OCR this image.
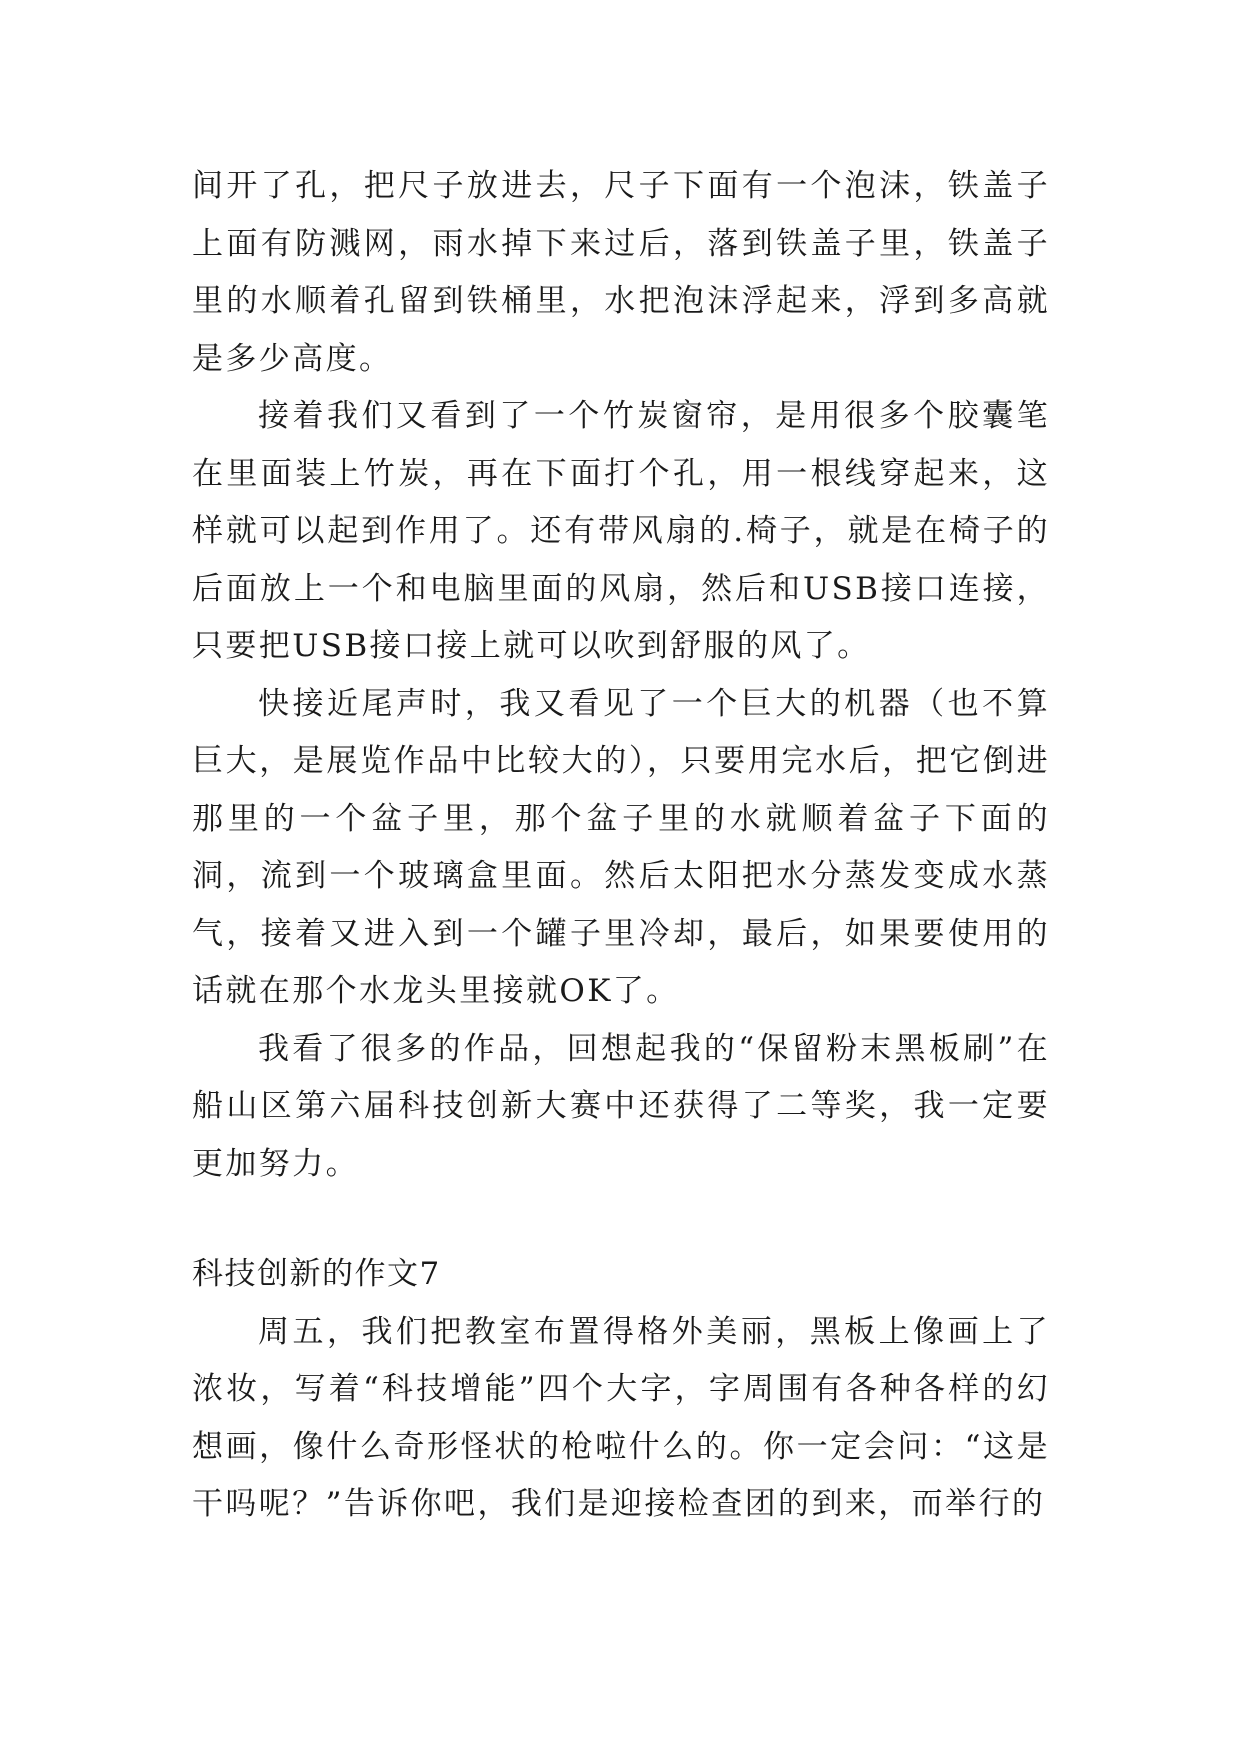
间开了孔，把尺子放进去，尺子下面有一个泡沫，铁盖子上面有防溅网，雨水掉下来过后，落到铁盖子里，铁盖子里的水顺着孔留到铁桶里，水把泡沫浮起来，浮到多高就是多少高度。

接着我们又看到了一个竹炭窗帘，是用很多个胶囊笔在里面装上竹炭，再在下面打个孔，用一根线穿起来，这样就可以起到作用了。还有带风扇的.椅子，就是在椅子的后面放上一个和电脑里面的风扇，然后和USB接口连接，只要把USB接口接上就可以吹到舒服的风了。

快接近尾声时，我又看见了一个巨大的机器（也不算巨大，是展览作品中比较大的），只要用完水后，把它倒进那里的一个盆子里，那个盆子里的水就顺着盆子下面的洞，流到一个玻璃盒里面。然后太阳把水分蒸发变成水蒸气，接着又进入到一个罐子里冷却，最后，如果要使用的话就在那个水龙头里接就OK了。

我看了很多的作品，回想起我的“保留粉末黑板刷”在船山区第六届科技创新大赛中还获得了二等奖，我一定要更加努力。

科技创新的作文7

周五，我们把教室布置得格外美丽，黑板上像画上了浓妆，写着“科技增能”四个大字，字周围有各种各样的幻想画，像什么奇形怪状的枪啦什么的。你一定会问：“这是干吗呢？”告诉你吧，我们是迎接检查团的到来，而举行的
